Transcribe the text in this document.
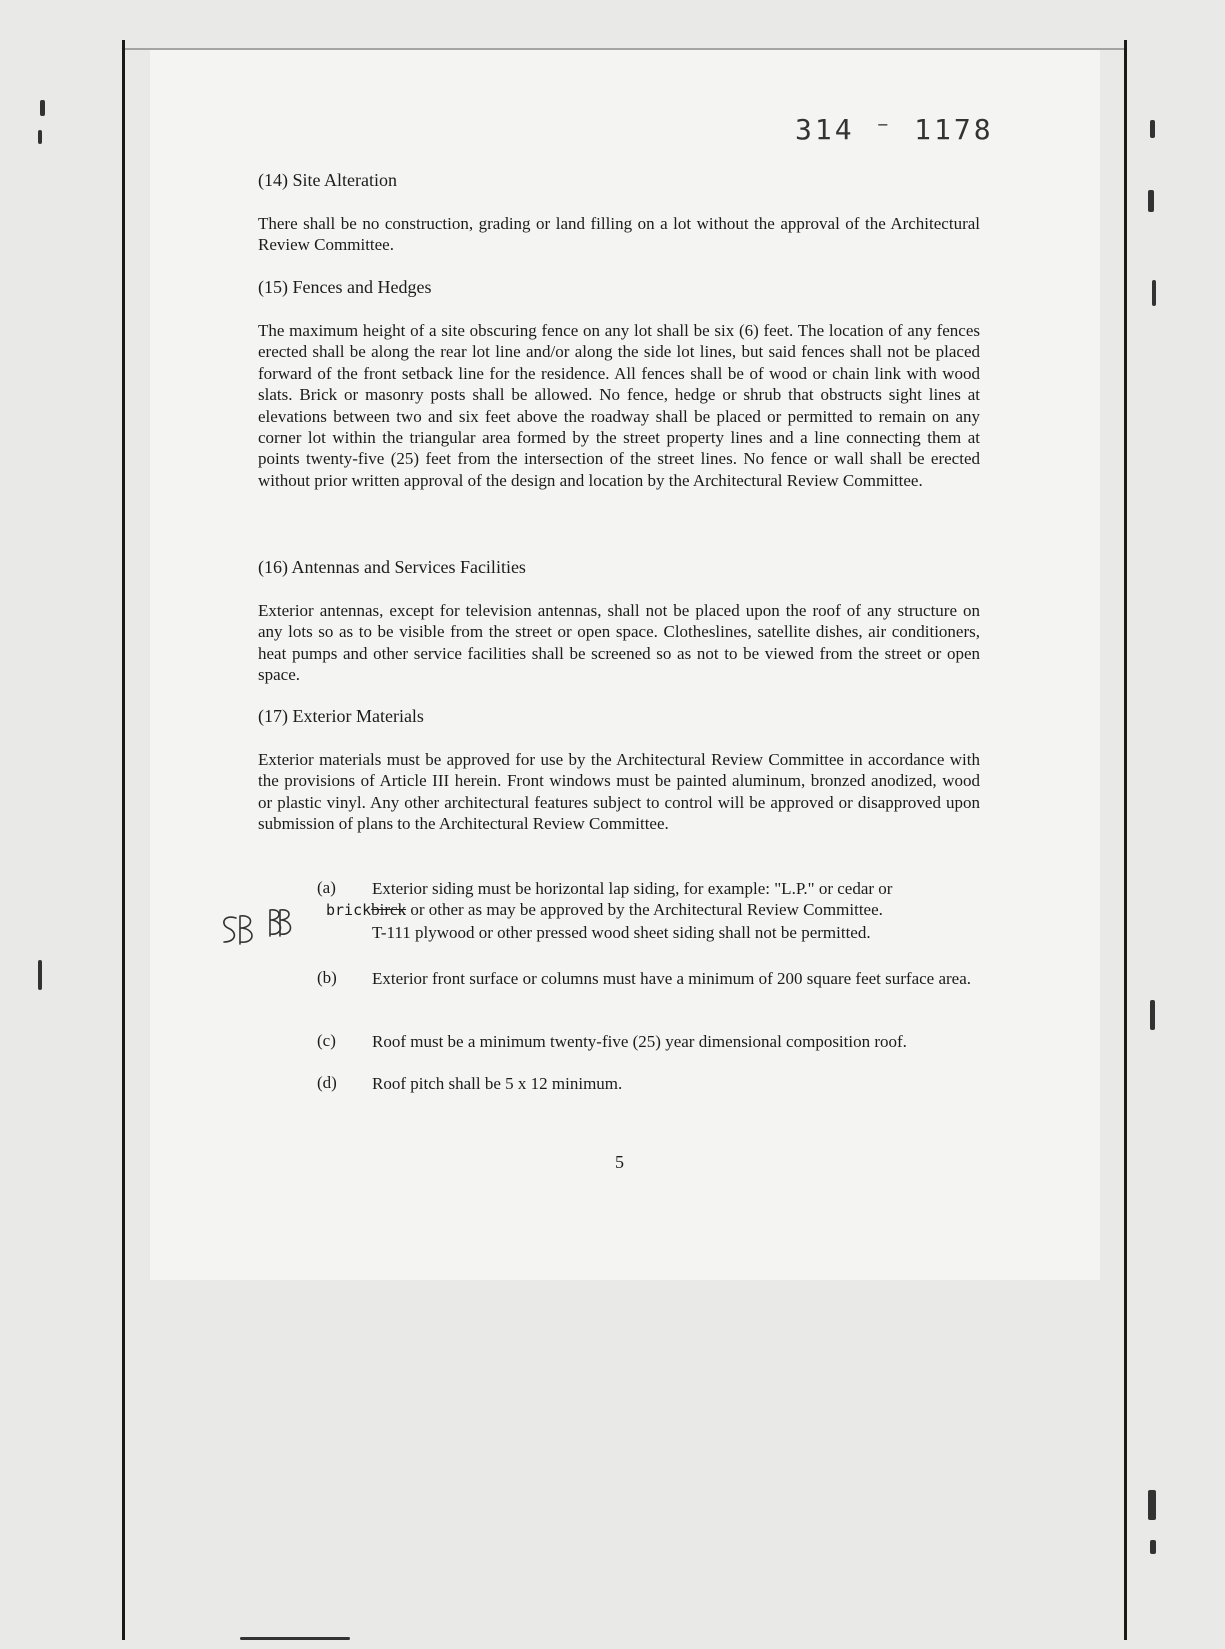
314 ⁻ 1178
(14) Site Alteration

There shall be no construction, grading or land filling on a lot without the approval of the Architectural Review Committee.

(15) Fences and Hedges

The maximum height of a site obscuring fence on any lot shall be six (6) feet. The location of any fences erected shall be along the rear lot line and/or along the side lot lines, but said fences shall not be placed forward of the front setback line for the residence. All fences shall be of wood or chain link with wood slats. Brick or masonry posts shall be allowed. No fence, hedge or shrub that obstructs sight lines at elevations between two and six feet above the roadway shall be placed or permitted to remain on any corner lot within the triangular area formed by the street property lines and a line connecting them at points twenty-five (25) feet from the intersection of the street lines. No fence or wall shall be erected without prior written approval of the design and location by the Architectural Review Committee.

(16) Antennas and Services Facilities

Exterior antennas, except for television antennas, shall not be placed upon the roof of any structure on any lots so as to be visible from the street or open space. Clotheslines, satellite dishes, air conditioners, heat pumps and other service facilities shall be screened so as not to be viewed from the street or open space.

(17) Exterior Materials

Exterior materials must be approved for use by the Architectural Review Committee in accordance with the provisions of Article III herein. Front windows must be painted aluminum, bronzed anodized, wood or plastic vinyl. Any other architectural features subject to control will be approved or disapproved upon submission of plans to the Architectural Review Committee.

(a) Exterior siding must be horizontal lap siding, for example: "L.P." or cedar or
brickbirck or other as may be approved by the Architectural Review Committee.
T-111 plywood or other pressed wood sheet siding shall not be permitted.
(b) Exterior front surface or columns must have a minimum of 200 square feet surface area.

(c) Roof must be a minimum twenty-five (25) year dimensional composition roof.

(d) Roof pitch shall be 5 x 12 minimum.

5
